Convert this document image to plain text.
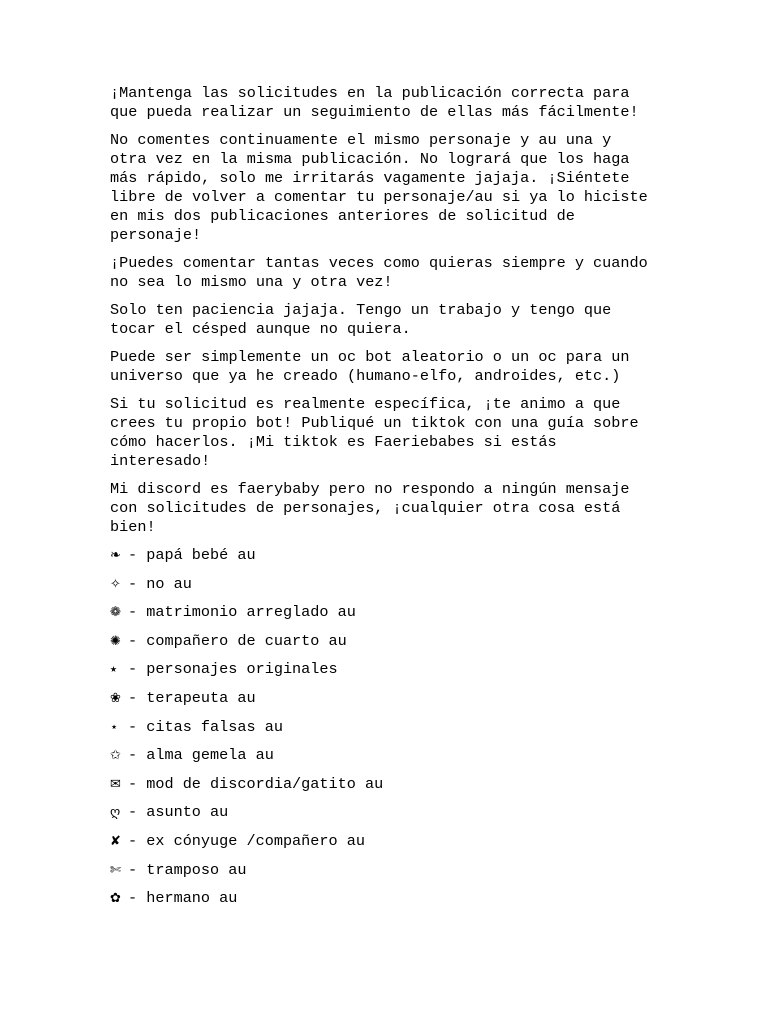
¡Mantenga las solicitudes en la publicación correcta para
que pueda realizar un seguimiento de ellas más fácilmente!

No comentes continuamente el mismo personaje y au una y
otra vez en la misma publicación. No logrará que los haga
más rápido, solo me irritarás vagamente jajaja. ¡Siéntete
libre de volver a comentar tu personaje/au si ya lo hiciste
en mis dos publicaciones anteriores de solicitud de
personaje!

¡Puedes comentar tantas veces como quieras siempre y cuando
no sea lo mismo una y otra vez!

Solo ten paciencia jajaja. Tengo un trabajo y tengo que
tocar el césped aunque no quiera.

Puede ser simplemente un oc bot aleatorio o un oc para un
universo que ya he creado (humano-elfo, androides, etc.)

Si tu solicitud es realmente específica, ¡te animo a que
crees tu propio bot! Publiqué un tiktok con una guía sobre
cómo hacerlos. ¡Mi tiktok es Faeriebabes si estás
interesado!

Mi discord es faerybaby pero no respondo a ningún mensaje
con solicitudes de personajes, ¡cualquier otra cosa está
bien!

❧ - papá bebé au
✧ - no au
❁ - matrimonio arreglado au
✺ - compañero de cuarto au
⭑ - personajes originales
❀ - terapeuta au
⋆ - citas falsas au
✩ - alma gemela au
✉ - mod de discordia/gatito au
ღ - asunto au
✘ - ex cónyuge /compañero au
✄ - tramposo au
✿ - hermano au
